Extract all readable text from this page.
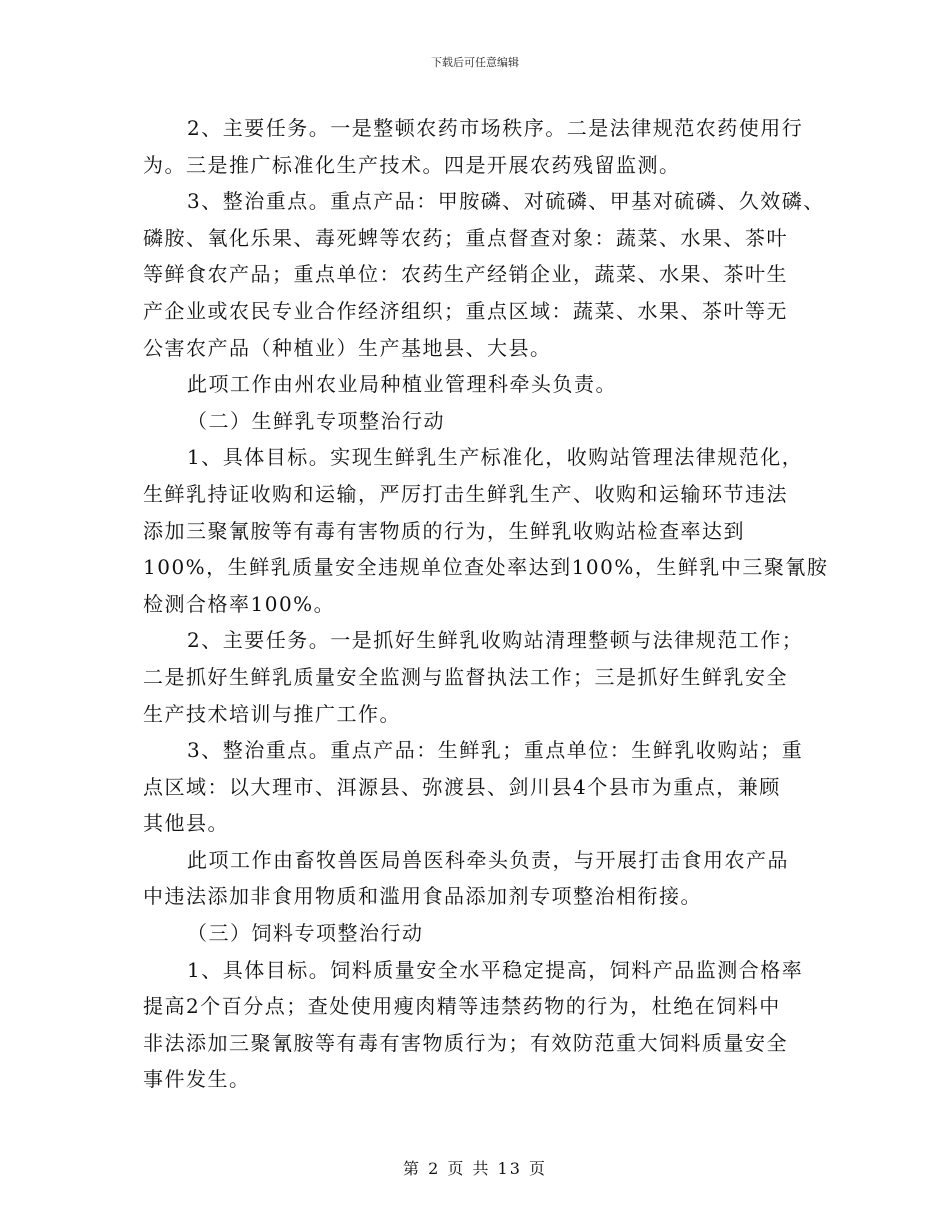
下载后可任意编辑
2、主要任务。一是整顿农药市场秩序。二是法律规范农药使用行
为。三是推广标准化生产技术。四是开展农药残留监测。
3、整治重点。重点产品：甲胺磷、对硫磷、甲基对硫磷、久效磷、
磷胺、氧化乐果、毒死蜱等农药；重点督查对象：蔬菜、水果、茶叶
等鲜食农产品；重点单位：农药生产经销企业，蔬菜、水果、茶叶生
产企业或农民专业合作经济组织；重点区域：蔬菜、水果、茶叶等无
公害农产品（种植业）生产基地县、大县。
此项工作由州农业局种植业管理科牵头负责。
（二）生鲜乳专项整治行动
1、具体目标。实现生鲜乳生产标准化，收购站管理法律规范化，
生鲜乳持证收购和运输，严厉打击生鲜乳生产、收购和运输环节违法
添加三聚氰胺等有毒有害物质的行为，生鲜乳收购站检查率达到
100%，生鲜乳质量安全违规单位查处率达到100%，生鲜乳中三聚氰胺
检测合格率100%。
2、主要任务。一是抓好生鲜乳收购站清理整顿与法律规范工作；
二是抓好生鲜乳质量安全监测与监督执法工作；三是抓好生鲜乳安全
生产技术培训与推广工作。
3、整治重点。重点产品：生鲜乳；重点单位：生鲜乳收购站；重
点区域：以大理市、洱源县、弥渡县、剑川县4个县市为重点，兼顾
其他县。
此项工作由畜牧兽医局兽医科牵头负责，与开展打击食用农产品
中违法添加非食用物质和滥用食品添加剂专项整治相衔接。
（三）饲料专项整治行动
1、具体目标。饲料质量安全水平稳定提高，饲料产品监测合格率
提高2个百分点；查处使用瘦肉精等违禁药物的行为，杜绝在饲料中
非法添加三聚氰胺等有毒有害物质行为；有效防范重大饲料质量安全
事件发生。
第 2 页 共 13 页
